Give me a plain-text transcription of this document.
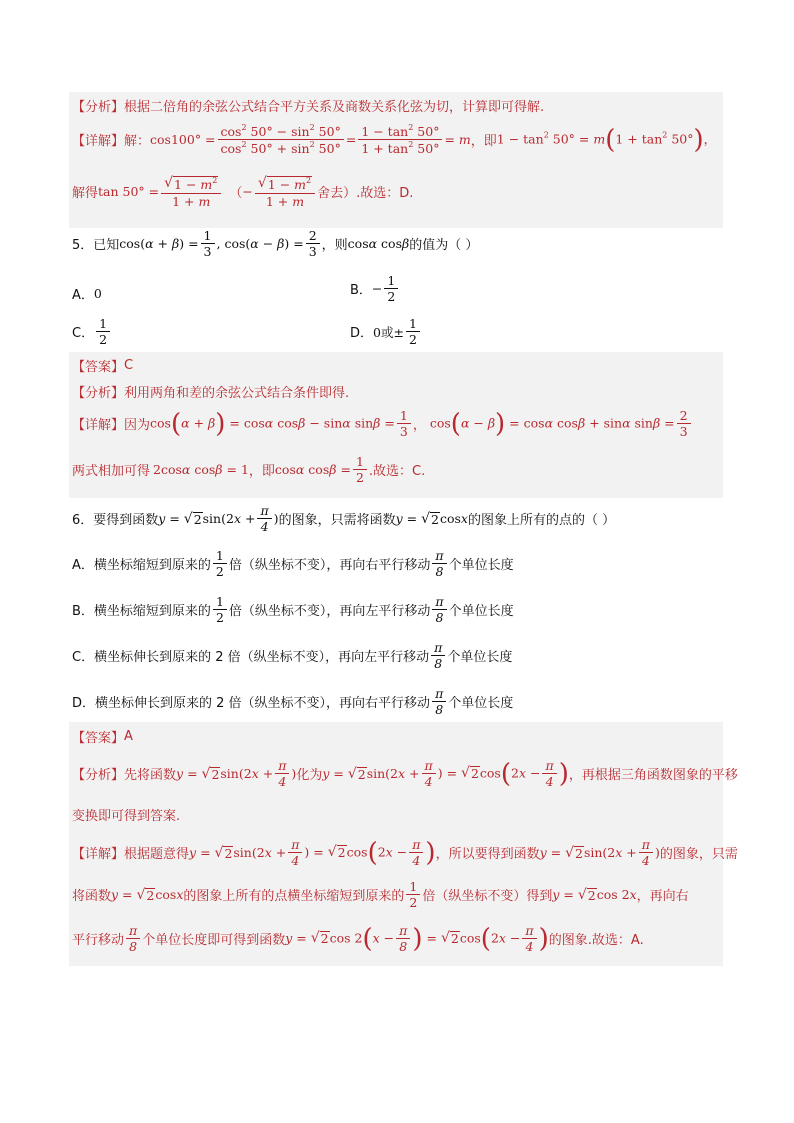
【分析】 根据二倍角的余弦公式结合平方关系及商数关系化弦为切，计算即可得解.
【详解】 解： $\cos 100^\circ = \frac{\cos^2 50^\circ - \sin^2 50^\circ}{\cos^2 50^\circ + \sin^2 50^\circ} = \frac{1 - \tan^2 50^\circ}{1 + \tan^2 50^\circ} = m$ ，即 $1 - \tan^2 50^\circ = m(1 + \tan^2 50^\circ)$，
解得 $\tan 50^\circ = \frac{√ 1 - m^2}{1 + m}$ （ − $\frac{√ 1 - m^2}{1 + m}$ 舍去）.故选：D.
5．已知 $\cos(\alpha + \beta) = \frac{1}{3}$ , $\cos(\alpha - \beta) = \frac{2}{3}$ ，则 cosα cosβ 的值为（ ）
A． 0	B． − $\frac{1}{2}$
C． $\frac{1}{2}$	D． 0或± $\frac{1}{2}$
【答案】 C
【分析】 利用两角和差的余弦公式结合条件即得.
【详解】 因为 cos(α + β) = cosα cosβ − sinα $\sin\beta = \frac{1}{3}$ ， cos(α − β) = cosα cosβ + sinα $\sin\beta = \frac{2}{3}$
两式相加可得 2cosα cosβ = 1 ，即 cosα $\cos\beta = \frac{1}{2}$ .故选：C.
6．要得到函数 y = √ 2 $\sin(2x + \frac{\pi}{4}$ ) 的图象，只需将函数 y = √ 2 cosx 的图象上所有的点的（ ）
A． 横坐标缩短到原来的 $\frac{1}{2}$ 倍（纵坐标不变），再向右平行移动 $\frac{\pi}{8}$ 个单位长度
B． 横坐标缩短到原来的 $\frac{1}{2}$ 倍（纵坐标不变），再向左平行移动 $\frac{\pi}{8}$ 个单位长度
C． 横坐标伸长到原来的 2 倍（纵坐标不变），再向左平行移动 $\frac{\pi}{8}$ 个单位长度
D． 横坐标伸长到原来的 2 倍（纵坐标不变），再向右平行移动 $\frac{\pi}{8}$ 个单位长度
【答案】 A
【分析】 先将函数 y = √ 2 $\sin(2x + \frac{\pi}{4}$ ) 化为 y = √ 2 $\sin(2x + \frac{\pi}{4}$ ) = √ 2 $\cos(2x - \frac{\pi}{4}$ ) ，再根据三角函数图象的平移
变换即可得到答案.
【详解】 根据题意得 y = √ 2 $\sin(2x + \frac{\pi}{4}$ ) = √ 2 $\cos(2x - \frac{\pi}{4}$ ) ，所以要得到函数 y = √ 2 $\sin(2x + \frac{\pi}{4}$ ) 的图象，只需
将函数 y = √ 2 cosx 的图象上所有的点横坐标缩短到原来的 $\frac{1}{2}$ 倍（纵坐标不变）得到 y = √ 2 cos 2x ，再向右
平行移动 $\frac{\pi}{8}$ 个单位长度即可得到函数 y = √ 2 $\cos 2(x - \frac{\pi}{8}$ ) = √ 2 $\cos(2x - \frac{\pi}{4}$ ) 的图象.故选：A.
